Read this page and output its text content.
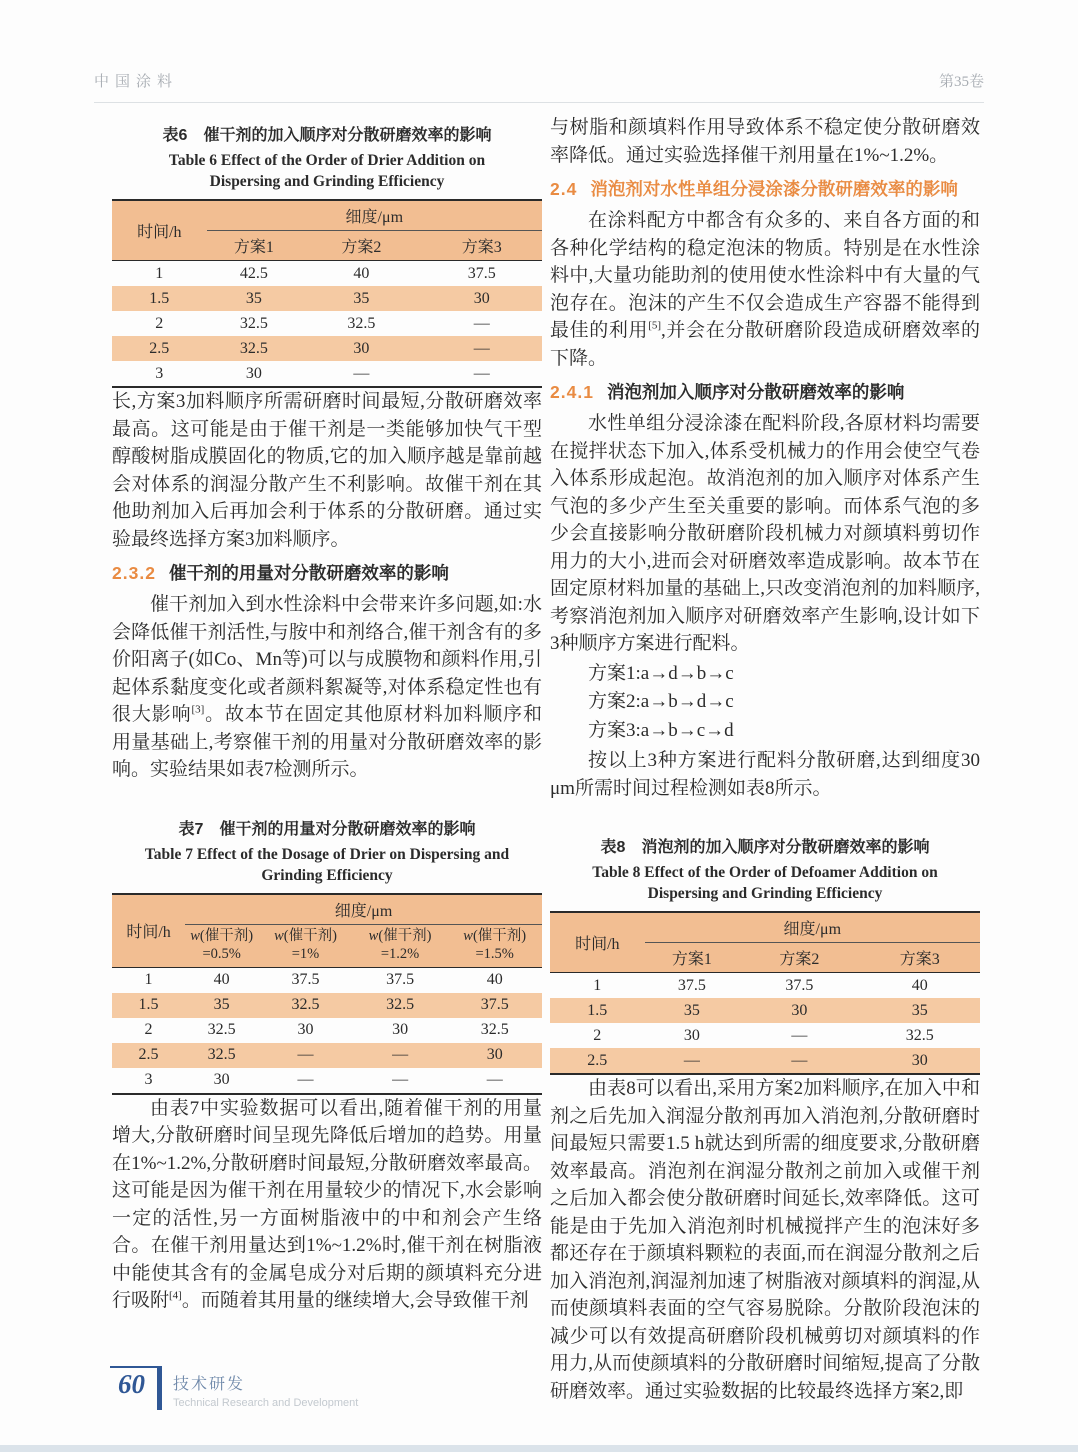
中国涂料	第35卷
表6　催干剂的加入顺序对分散研磨效率的影响
Table 6 Effect of the Order of Drier Addition on
Dispersing and Grinding Efficiency
时间/h	细度/μm		
	方案1	方案2	方案3
1	42.5	40	37.5
1.5	35	35	30
2	32.5	32.5	—
2.5	32.5	30	—
3	30	—	—

长,方案3加料顺序所需研磨时间最短,分散研磨效率最高。这可能是由于催干剂是一类能够加快气干型醇酸树脂成膜固化的物质,它的加入顺序越是靠前越会对体系的润湿分散产生不利影响。故催干剂在其他助剂加入后再加会利于体系的分散研磨。通过实验最终选择方案3加料顺序。

2.3.2 催干剂的用量对分散研磨效率的影响

催干剂加入到水性涂料中会带来许多问题,如:水会降低催干剂活性,与胺中和剂络合,催干剂含有的多价阳离子(如Co、Mn等)可以与成膜物和颜料作用,引起体系黏度变化或者颜料絮凝等,对体系稳定性也有很大影响[3]。故本节在固定其他原材料加料顺序和用量基础上,考察催干剂的用量对分散研磨效率的影响。实验结果如表7检测所示。

表7　催干剂的用量对分散研磨效率的影响
Table 7 Effect of the Dosage of Drier on Dispersing and
Grinding Efficiency
时间/h	细度/μm			

w(催干剂)
=0.5%

w(催干剂)
=1%

w(催干剂)
=1.2%

w(催干剂)
=1.5%

1	40	37.5	37.5	40
1.5	35	32.5	32.5	37.5
2	32.5	30	30	32.5
2.5	32.5	—	—	30
3	30	—	—	—

由表7中实验数据可以看出,随着催干剂的用量增大,分散研磨时间呈现先降低后增加的趋势。用量在1%~1.2%,分散研磨时间最短,分散研磨效率最高。这可能是因为催干剂在用量较少的情况下,水会影响一定的活性,另一方面树脂液中的中和剂会产生络合。在催干剂用量达到1%~1.2%时,催干剂在树脂液中能使其含有的金属皂成分对后期的颜填料充分进行吸附[4]。而随着其用量的继续增大,会导致催干剂

与树脂和颜填料作用导致体系不稳定使分散研磨效率降低。通过实验选择催干剂用量在1%~1.2%。

2.4 消泡剂对水性单组分浸涂漆分散研磨效率的影响

在涂料配方中都含有众多的、来自各方面的和各种化学结构的稳定泡沫的物质。特别是在水性涂料中,大量功能助剂的使用使水性涂料中有大量的气泡存在。泡沫的产生不仅会造成生产容器不能得到最佳的利用[5],并会在分散研磨阶段造成研磨效率的下降。

2.4.1 消泡剂加入顺序对分散研磨效率的影响

水性单组分浸涂漆在配料阶段,各原材料均需要在搅拌状态下加入,体系受机械力的作用会使空气卷入体系形成起泡。故消泡剂的加入顺序对体系产生气泡的多少产生至关重要的影响。而体系气泡的多少会直接影响分散研磨阶段机械力对颜填料剪切作用力的大小,进而会对研磨效率造成影响。故本节在固定原材料加量的基础上,只改变消泡剂的加料顺序,考察消泡剂加入顺序对研磨效率产生影响,设计如下3种顺序方案进行配料。

方案1:a→d→b→c
方案2:a→b→d→c
方案3:a→b→c→d

按以上3种方案进行配料分散研磨,达到细度30 μm所需时间过程检测如表8所示。

表8　消泡剂的加入顺序对分散研磨效率的影响
Table 8 Effect of the Order of Defoamer Addition on
Dispersing and Grinding Efficiency
时间/h	细度/μm		
	方案1	方案2	方案3
1	37.5	37.5	40
1.5	35	30	35
2	30	—	32.5
2.5	—	—	30

由表8可以看出,采用方案2加料顺序,在加入中和剂之后先加入润湿分散剂再加入消泡剂,分散研磨时间最短只需要1.5 h就达到所需的细度要求,分散研磨效率最高。消泡剂在润湿分散剂之前加入或催干剂之后加入都会使分散研磨时间延长,效率降低。这可能是由于先加入消泡剂时机械搅拌产生的泡沫好多都还存在于颜填料颗粒的表面,而在润湿分散剂之后加入消泡剂,润湿剂加速了树脂液对颜填料的润湿,从而使颜填料表面的空气容易脱除。分散阶段泡沫的减少可以有效提高研磨阶段机械剪切对颜填料的作用力,从而使颜填料的分散研磨时间缩短,提高了分散研磨效率。通过实验数据的比较最终选择方案2,即

60	技术研发
Technical Research and Development
